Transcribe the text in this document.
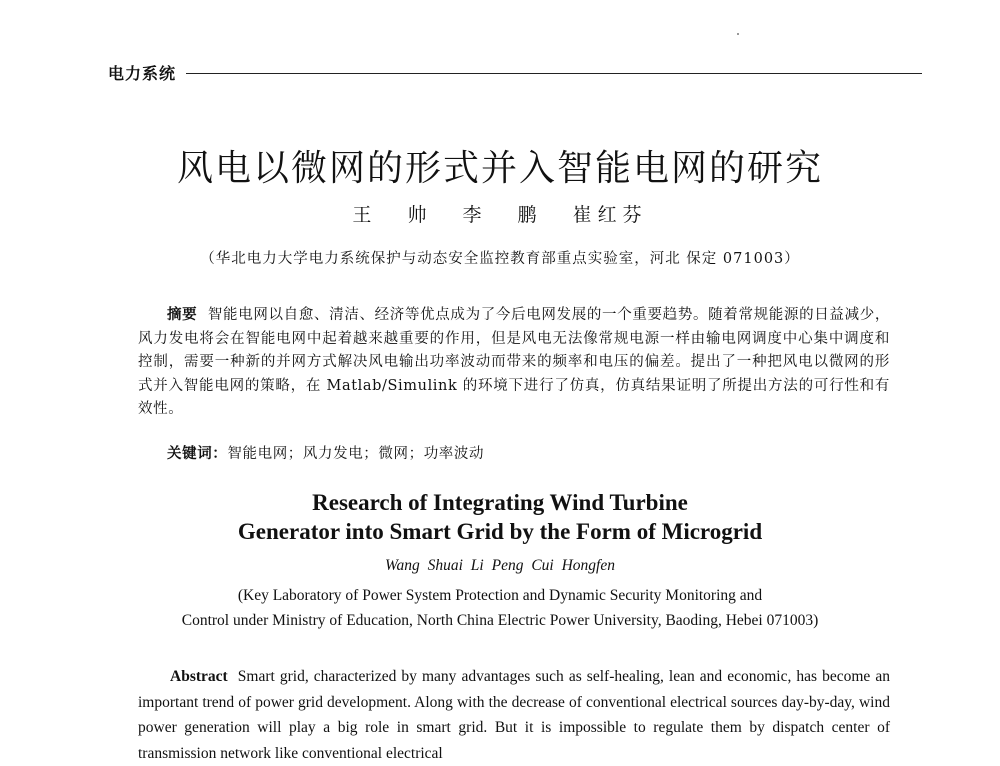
电力系统
风电以微网的形式并入智能电网的研究
王 帅 李 鹏 崔红芬
（华北电力大学电力系统保护与动态安全监控教育部重点实验室，河北 保定 071003）
摘要 智能电网以自愈、清洁、经济等优点成为了今后电网发展的一个重要趋势。随着常规能源的日益减少，风力发电将会在智能电网中起着越来越重要的作用，但是风电无法像常规电源一样由输电网调度中心集中调度和控制，需要一种新的并网方式解决风电输出功率波动而带来的频率和电压的偏差。提出了一种把风电以微网的形式并入智能电网的策略，在 Matlab/Simulink 的环境下进行了仿真，仿真结果证明了所提出方法的可行性和有效性。
关键词：智能电网；风力发电；微网；功率波动
Research of Integrating Wind Turbine
Generator into Smart Grid by the Form of Microgrid
Wang Shuai Li Peng Cui Hongfen
(Key Laboratory of Power System Protection and Dynamic Security Monitoring and
Control under Ministry of Education, North China Electric Power University, Baoding, Hebei 071003)
Abstract Smart grid, characterized by many advantages such as self-healing, lean and economic, has become an important trend of power grid development. Along with the decrease of conventional electrical sources day-by-day, wind power generation will play a big role in smart grid. But it is impossible to regulate them by dispatch center of transmission network like conventional electrical
